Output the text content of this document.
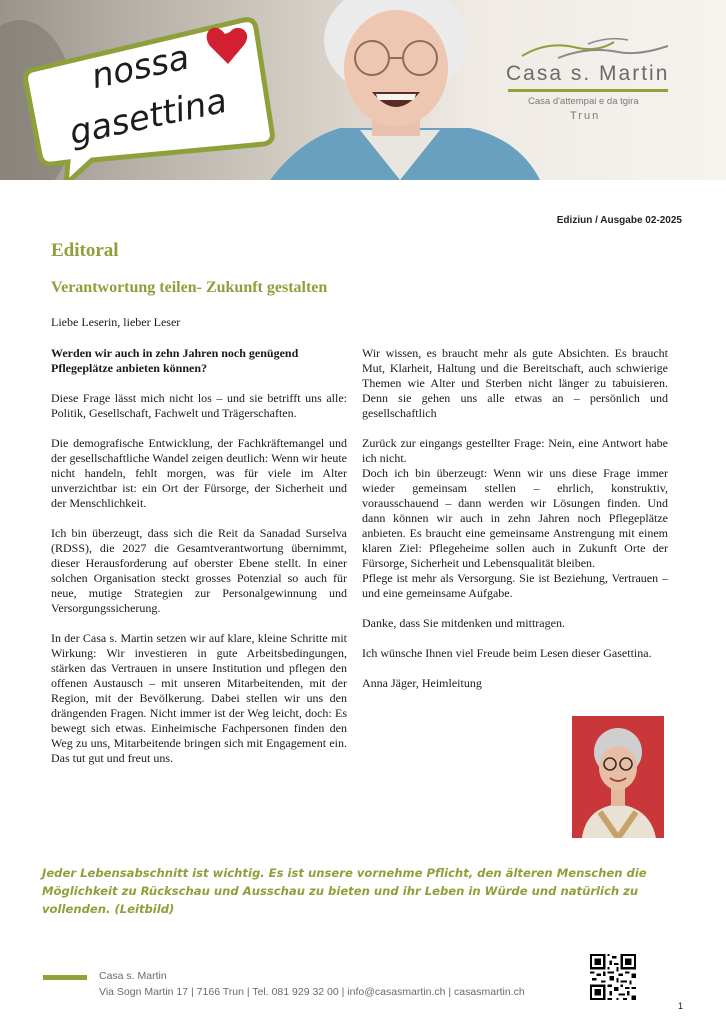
nossa
gasettina
Casa s. Martin
Casa d'attempai e da tgira
Trun
Ediziun / Ausgabe 02-2025
Editoral
Verantwortung teilen- Zukunft gestalten
Liebe Leserin, lieber Leser

Werden wir auch in zehn Jahren noch genügend Pflegeplätze anbieten können?

Diese Frage lässt mich nicht los – und sie betrifft uns alle: Politik, Gesellschaft, Fachwelt und Trägerschaften.

Die demografische Entwicklung, der Fachkräftemangel und der gesellschaftliche Wandel zeigen deutlich: Wenn wir heute nicht handeln, fehlt morgen, was für viele im Alter unverzichtbar ist: ein Ort der Fürsorge, der Sicherheit und der Menschlichkeit.

Ich bin überzeugt, dass sich die Reit da Sanadad Surselva (RDSS), die 2027 die Gesamtverantwortung übernimmt, dieser Herausforderung auf oberster Ebene stellt. In einer solchen Organisation steckt grosses Potenzial so auch für neue, mutige Strategien zur Personalgewinnung und Versorgungssicherung.

In der Casa s. Martin setzen wir auf klare, kleine Schritte mit Wirkung: Wir investieren in gute Arbeitsbedingungen, stärken das Vertrauen in unsere Institution und pflegen den offenen Austausch – mit unseren Mitarbeitenden, mit der Region, mit der Bevölkerung. Dabei stellen wir uns den drängenden Fragen. Nicht immer ist der Weg leicht, doch: Es bewegt sich etwas. Einheimische Fachpersonen finden den Weg zu uns, Mitarbeitende bringen sich mit Engagement ein. Das tut gut und freut uns.

Wir wissen, es braucht mehr als gute Absichten. Es braucht Mut, Klarheit, Haltung und die Bereitschaft, auch schwierige Themen wie Alter und Sterben nicht länger zu tabuisieren. Denn sie gehen uns alle etwas an – persönlich und gesellschaftlich

Zurück zur eingangs gestellter Frage: Nein, eine Antwort habe ich nicht.

Doch ich bin überzeugt: Wenn wir uns diese Frage immer wieder gemeinsam stellen – ehrlich, konstruktiv, vorausschauend – dann werden wir Lösungen finden. Und dann können wir auch in zehn Jahren noch Pflegeplätze anbieten. Es braucht eine gemeinsame Anstrengung mit einem klaren Ziel: Pflegeheime sollen auch in Zukunft Orte der Fürsorge, Sicherheit und Lebensqualität bleiben.

Pflege ist mehr als Versorgung. Sie ist Beziehung, Vertrauen – und eine gemeinsame Aufgabe.

Danke, dass Sie mitdenken und mittragen.

Ich wünsche Ihnen viel Freude beim Lesen dieser Gasettina.

Anna Jäger, Heimleitung

Jeder Lebensabschnitt ist wichtig. Es ist unsere vornehme Pflicht, den älteren Menschen die Möglichkeit zu Rückschau und Ausschau zu bieten und ihr Leben in Würde und natürlich zu vollenden. (Leitbild)
Casa s. Martin
Via Sogn Martin 17 | 7166 Trun | Tel. 081 929 32 00 | info@casasmartin.ch | casasmartin.ch
1
